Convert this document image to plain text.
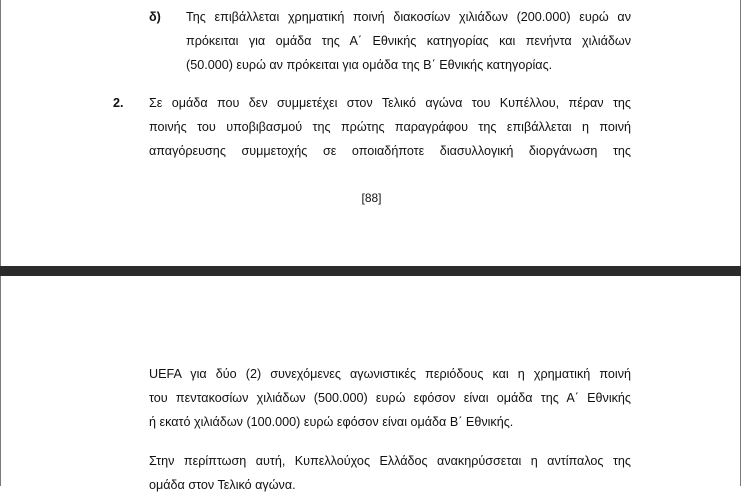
δ) Της επιβάλλεται χρηματική ποινή διακοσίων χιλιάδων (200.000) ευρώ αν
πρόκειται για ομάδα της Α΄ Εθνικής κατηγορίας και πενήντα χιλιάδων
(50.000) ευρώ αν πρόκειται για ομάδα της Β΄ Εθνικής κατηγορίας.
2. Σε ομάδα που δεν συμμετέχει στον Τελικό αγώνα του Κυπέλλου, πέραν της
ποινής του υποβιβασμού της πρώτης παραγράφου της επιβάλλεται η ποινή
απαγόρευσης συμμετοχής σε οποιαδήποτε διασυλλογική διοργάνωση της
[88]
UEFA για δύο (2) συνεχόμενες αγωνιστικές περιόδους και η χρηματική ποινή
του πεντακοσίων χιλιάδων (500.000) ευρώ εφόσον είναι ομάδα της Α΄ Εθνικής
ή εκατό χιλιάδων (100.000) ευρώ εφόσον είναι ομάδα Β΄ Εθνικής.
Στην περίπτωση αυτή, Κυπελλούχος Ελλάδος ανακηρύσσεται η αντίπαλος της
ομάδα στον Τελικό αγώνα.
